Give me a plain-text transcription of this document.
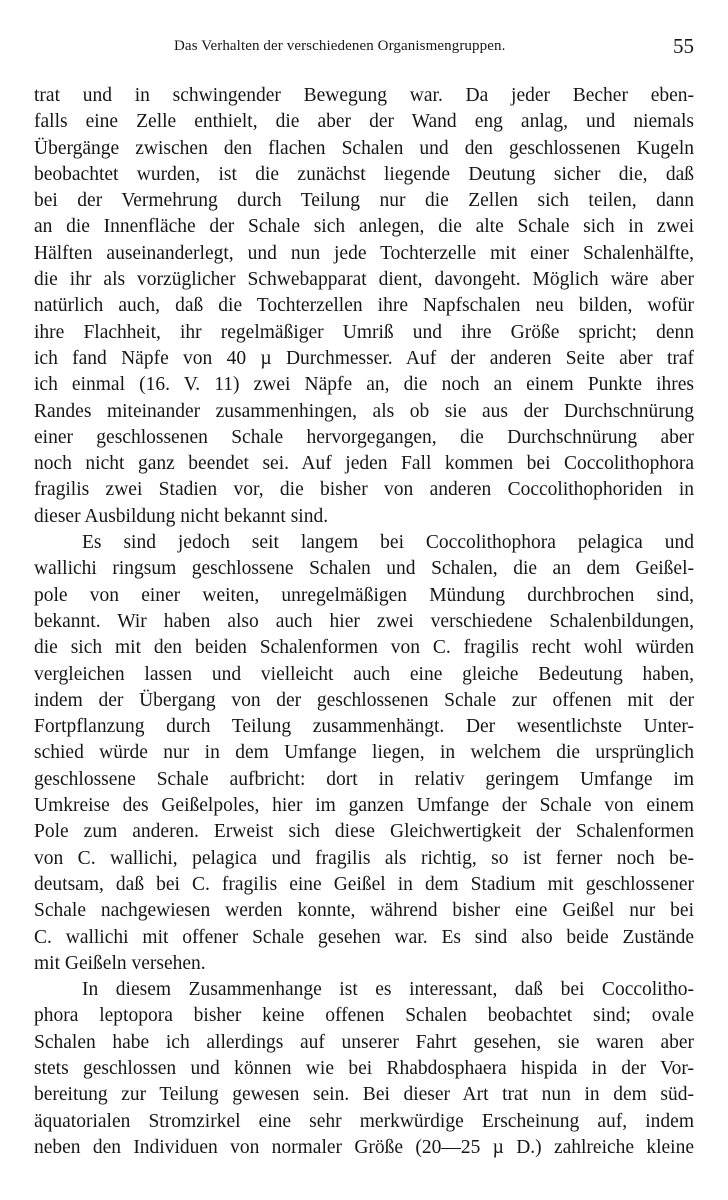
Das Verhalten der verschiedenen Organismengruppen.	55

trat und in schwingender Bewegung war. Da jeder Becher eben-

falls eine Zelle enthielt, die aber der Wand eng anlag, und niemals

Übergänge zwischen den flachen Schalen und den geschlossenen Kugeln

beobachtet wurden, ist die zunächst liegende Deutung sicher die, daß

bei der Vermehrung durch Teilung nur die Zellen sich teilen, dann

an die Innenfläche der Schale sich anlegen, die alte Schale sich in zwei

Hälften auseinanderlegt, und nun jede Tochterzelle mit einer Schalenhälfte,

die ihr als vorzüglicher Schwebapparat dient, davongeht. Möglich wäre aber

natürlich auch, daß die Tochterzellen ihre Napfschalen neu bilden, wofür

ihre Flachheit, ihr regelmäßiger Umriß und ihre Größe spricht; denn

ich fand Näpfe von 40 µ Durchmesser. Auf der anderen Seite aber traf

ich einmal (16. V. 11) zwei Näpfe an, die noch an einem Punkte ihres

Randes miteinander zusammenhingen, als ob sie aus der Durchschnürung

einer geschlossenen Schale hervorgegangen, die Durchschnürung aber

noch nicht ganz beendet sei. Auf jeden Fall kommen bei Coccolithophora

fragilis zwei Stadien vor, die bisher von anderen Coccolithophoriden in

dieser Ausbildung nicht bekannt sind.

Es sind jedoch seit langem bei Coccolithophora pelagica und

wallichi ringsum geschlossene Schalen und Schalen, die an dem Geißel-

pole von einer weiten, unregelmäßigen Mündung durchbrochen sind,

bekannt. Wir haben also auch hier zwei verschiedene Schalenbildungen,

die sich mit den beiden Schalenformen von C. fragilis recht wohl würden

vergleichen lassen und vielleicht auch eine gleiche Bedeutung haben,

indem der Übergang von der geschlossenen Schale zur offenen mit der

Fortpflanzung durch Teilung zusammenhängt. Der wesentlichste Unter-

schied würde nur in dem Umfange liegen, in welchem die ursprünglich

geschlossene Schale aufbricht: dort in relativ geringem Umfange im

Umkreise des Geißelpoles, hier im ganzen Umfange der Schale von einem

Pole zum anderen. Erweist sich diese Gleichwertigkeit der Schalenformen

von C. wallichi, pelagica und fragilis als richtig, so ist ferner noch be-

deutsam, daß bei C. fragilis eine Geißel in dem Stadium mit geschlossener

Schale nachgewiesen werden konnte, während bisher eine Geißel nur bei

C. wallichi mit offener Schale gesehen war. Es sind also beide Zustände

mit Geißeln versehen.

In diesem Zusammenhange ist es interessant, daß bei Coccolitho-

phora leptopora bisher keine offenen Schalen beobachtet sind; ovale

Schalen habe ich allerdings auf unserer Fahrt gesehen, sie waren aber

stets geschlossen und können wie bei Rhabdosphaera hispida in der Vor-

bereitung zur Teilung gewesen sein. Bei dieser Art trat nun in dem süd-

äquatorialen Stromzirkel eine sehr merkwürdige Erscheinung auf, indem

neben den Individuen von normaler Größe (20—25 µ D.) zahlreiche kleine
